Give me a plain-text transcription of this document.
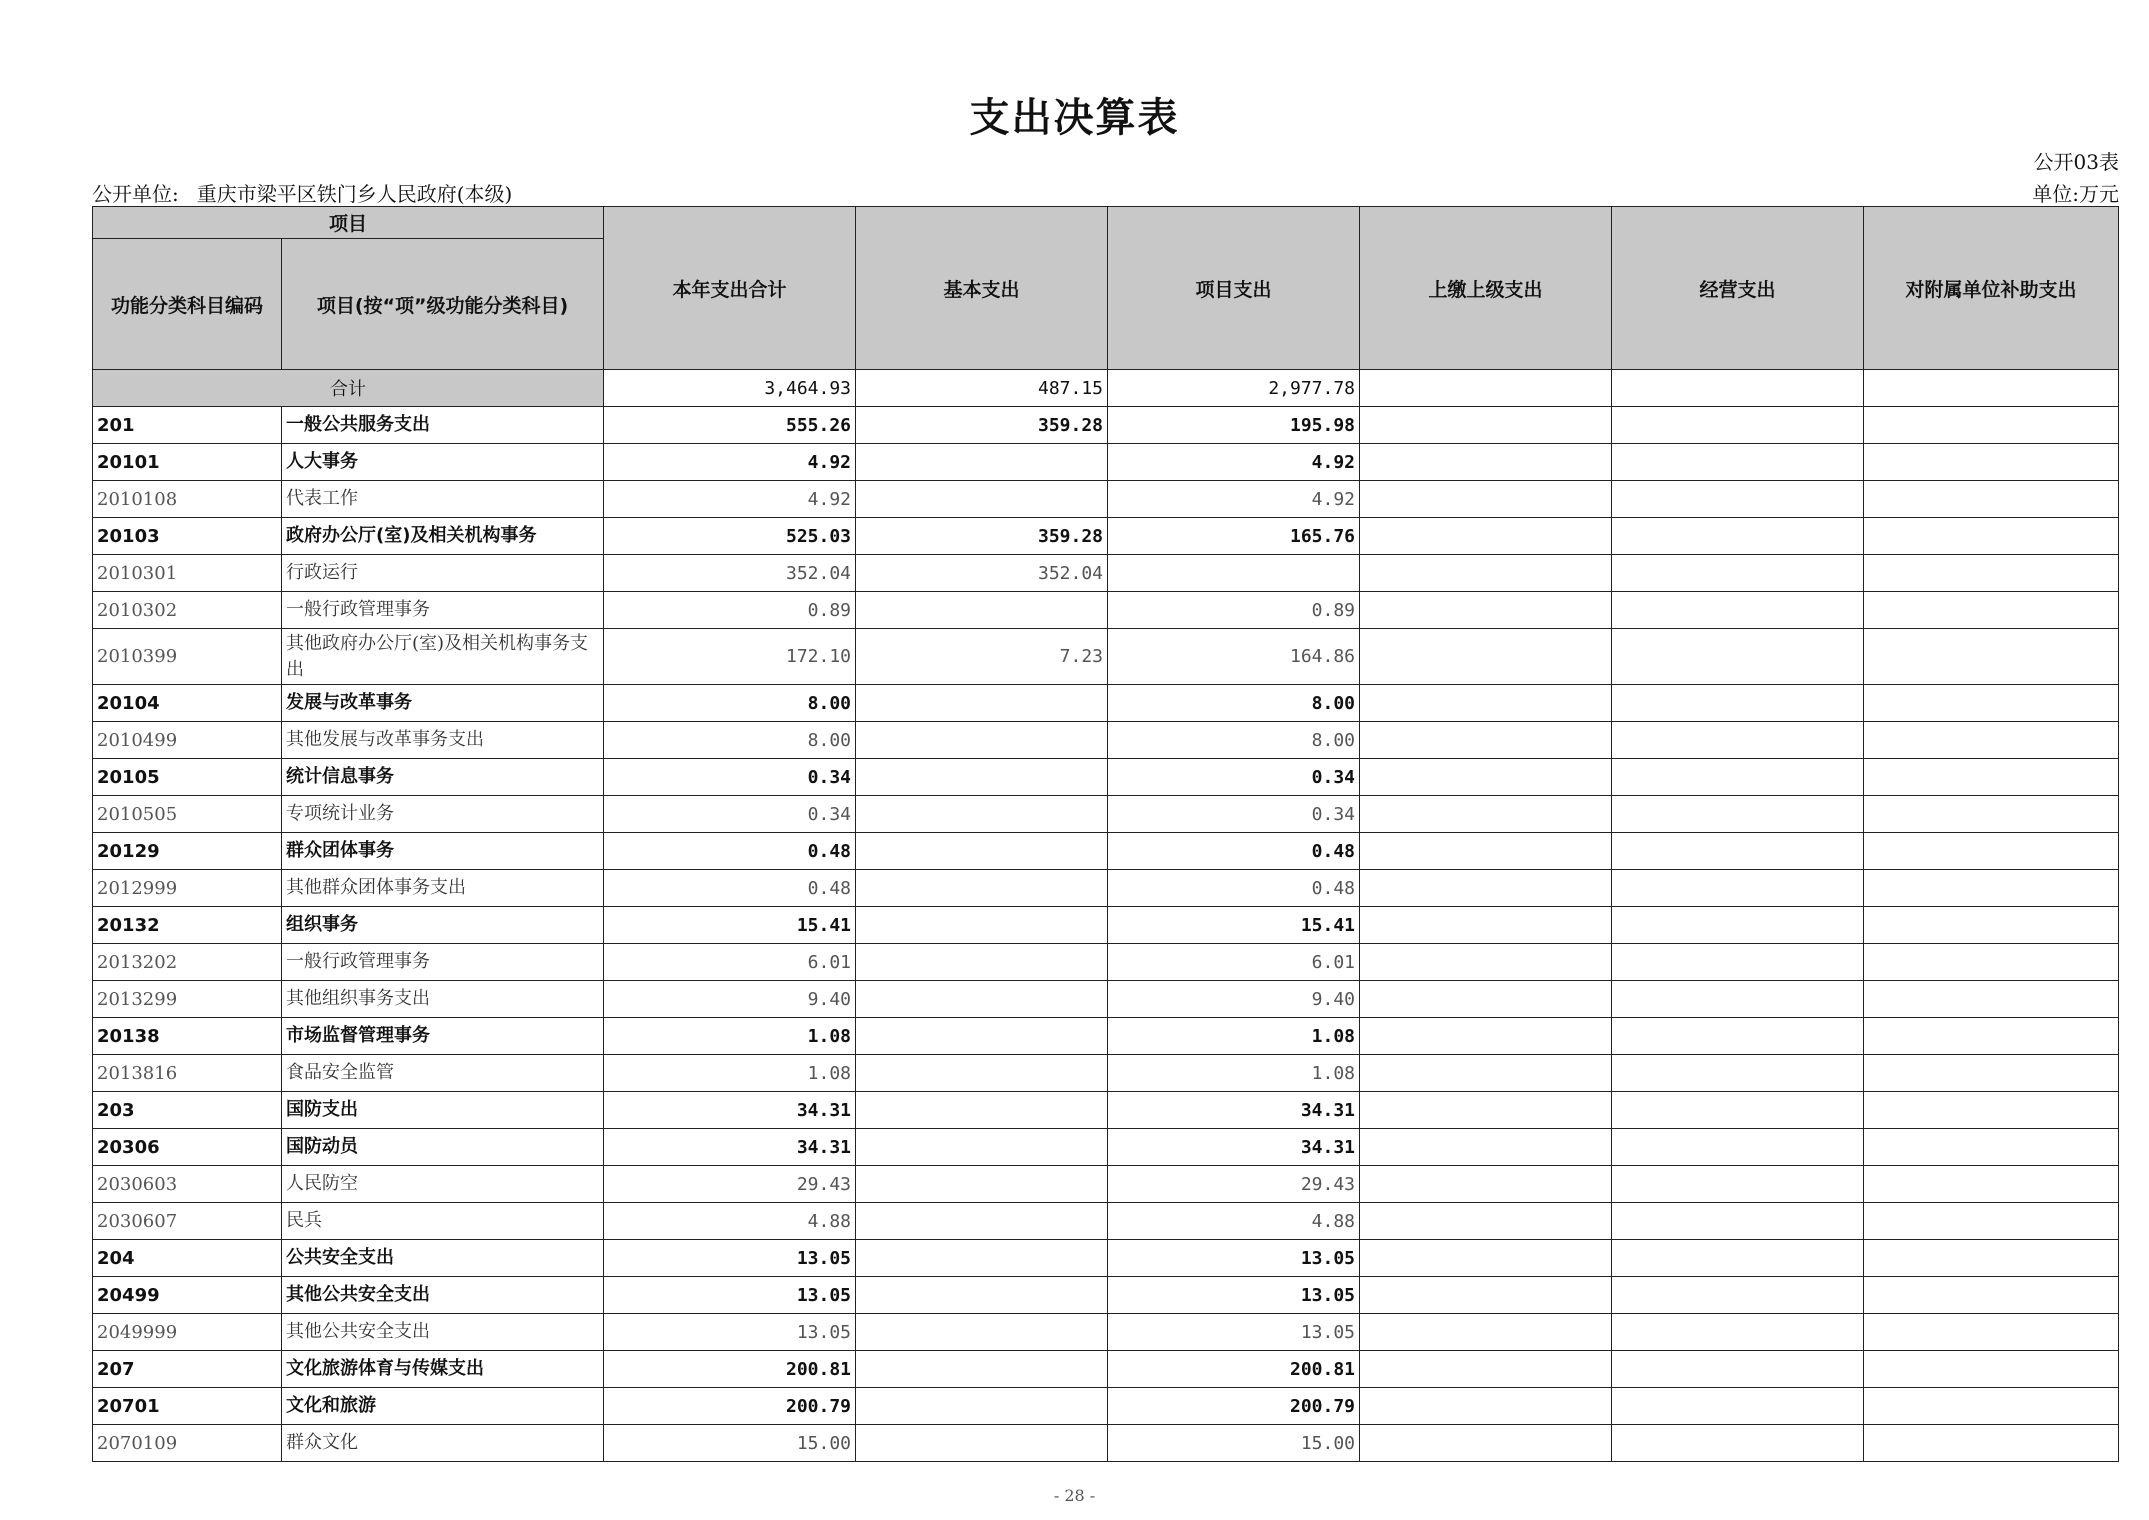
支出决算表
公开03表
公开单位: 重庆市梁平区铁门乡人民政府(本级)	单位:万元
项目		本年支出合计	基本支出	项目支出	上缴上级支出	经营支出	对附属单位补助支出
功能分类科目编码	项目(按“项”级功能分类科目)						
合计		3,464.93	487.15	2,977.78			
201	一般公共服务支出	555.26	359.28	195.98			
20101	人大事务	4.92		4.92			
2010108	代表工作	4.92		4.92			
20103	政府办公厅(室)及相关机构事务	525.03	359.28	165.76			
2010301	行政运行	352.04	352.04				
2010302	一般行政管理事务	0.89		0.89			
2010399	其他政府办公厅(室)及相关机构事务支出	172.10	7.23	164.86			
20104	发展与改革事务	8.00		8.00			
2010499	其他发展与改革事务支出	8.00		8.00			
20105	统计信息事务	0.34		0.34			
2010505	专项统计业务	0.34		0.34			
20129	群众团体事务	0.48		0.48			
2012999	其他群众团体事务支出	0.48		0.48			
20132	组织事务	15.41		15.41			
2013202	一般行政管理事务	6.01		6.01			
2013299	其他组织事务支出	9.40		9.40			
20138	市场监督管理事务	1.08		1.08			
2013816	食品安全监管	1.08		1.08			
203	国防支出	34.31		34.31			
20306	国防动员	34.31		34.31			
2030603	人民防空	29.43		29.43			
2030607	民兵	4.88		4.88			
204	公共安全支出	13.05		13.05			
20499	其他公共安全支出	13.05		13.05			
2049999	其他公共安全支出	13.05		13.05			
207	文化旅游体育与传媒支出	200.81		200.81			
20701	文化和旅游	200.79		200.79			
2070109	群众文化	15.00		15.00			
- 28 -
